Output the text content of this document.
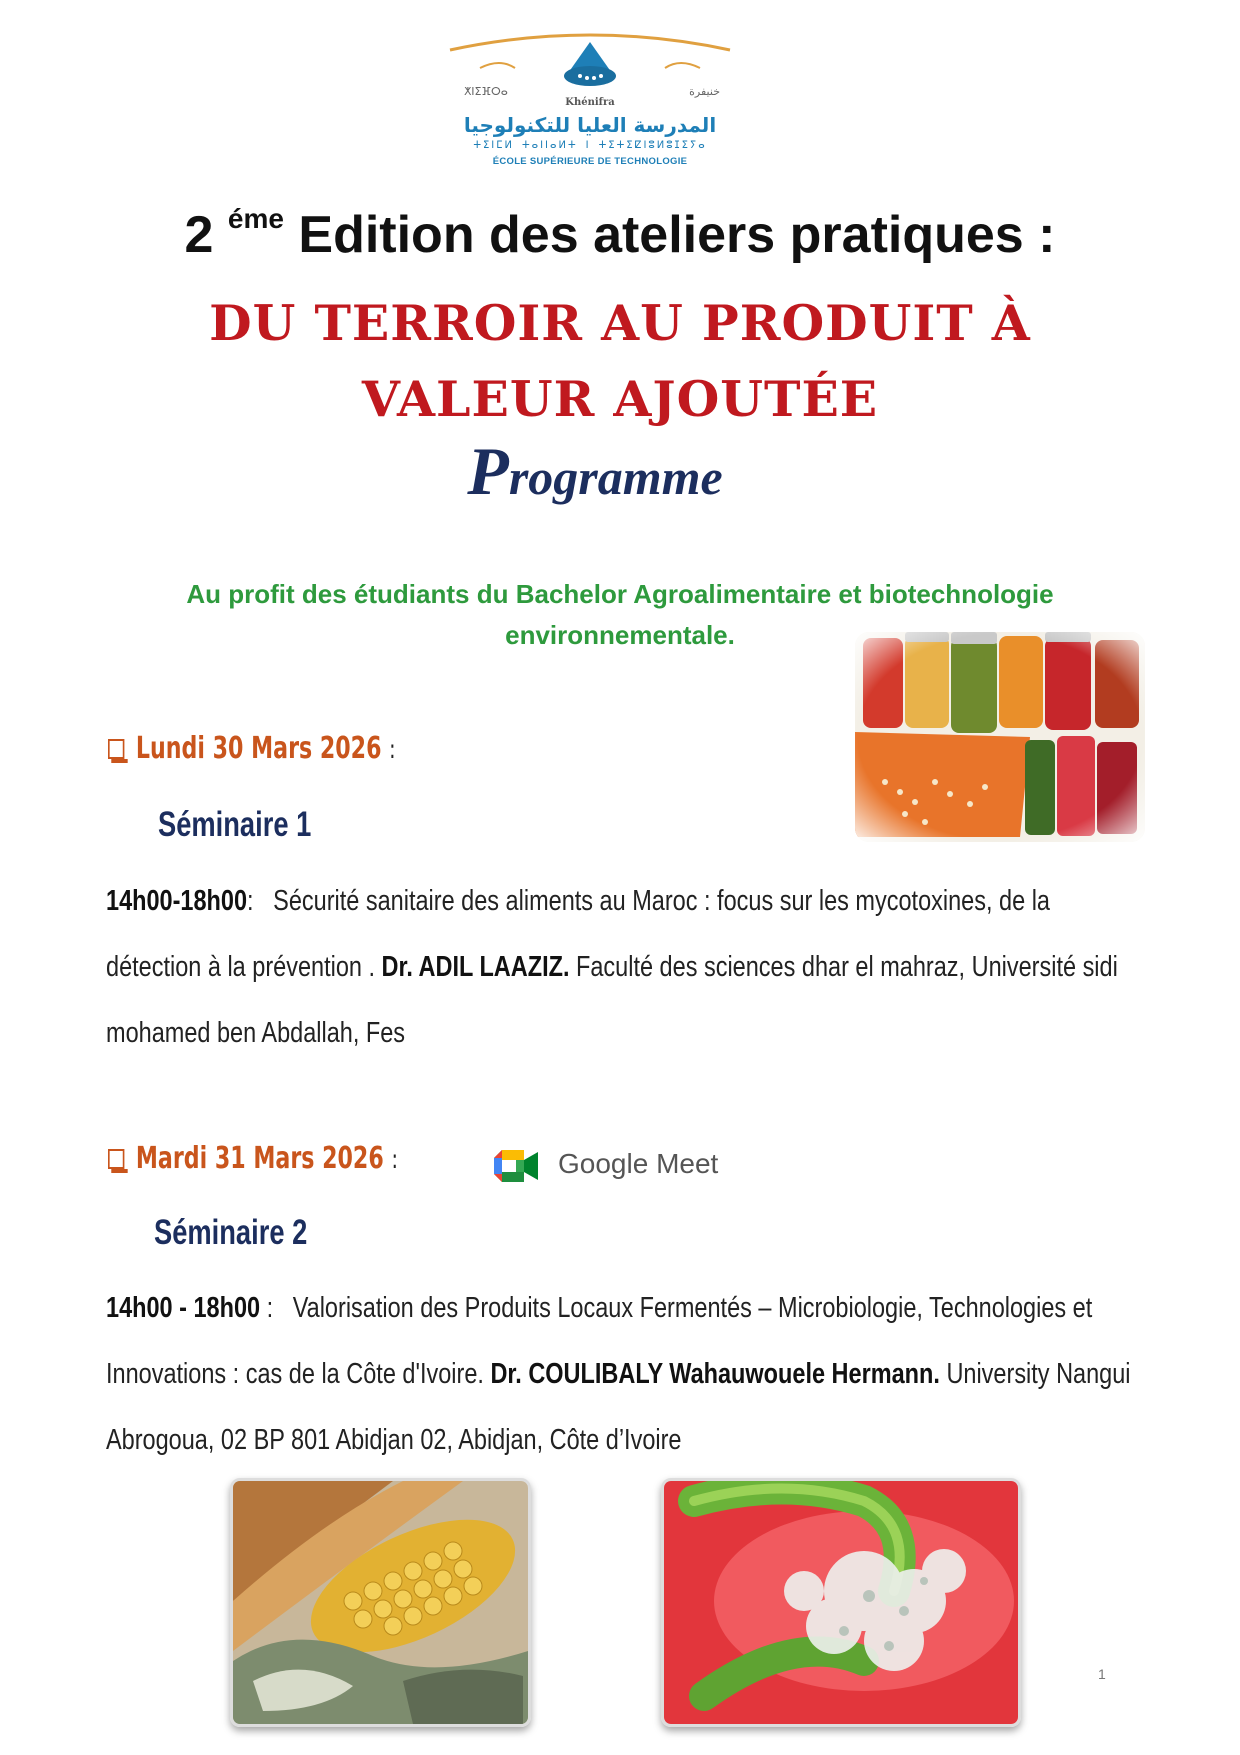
ⵅⵏⵉⴼⵔⴰ
Khénifra
خنيفرة
المدرسة العليا للتكنولوجيا
ⵜⵉⵏⵎⵍ ⵜⴰⵏⵏⴰⵍⵜ ⵏ ⵜⵉⵜⵉⵇⵏⵓⵍⵓⵊⵉⵢⴰ
ÉCOLE SUPÉRIEURE DE TECHNOLOGIE
2 $^{éme}$ Edition des ateliers pratiques :
DU TERROIR AU PRODUIT À VALEUR AJOUTÉE
Programme
Au profit des étudiants du Bachelor Agroalimentaire et biotechnologie environnementale.
Lundi 30 Mars 2026 :
Séminaire 1
14h00-18h00: Sécurité sanitaire des aliments au Maroc : focus sur les mycotoxines, de la détection à la prévention . Dr. ADIL LAAZIZ. Faculté des sciences dhar el mahraz, Université sidi mohamed ben Abdallah, Fes
Mardi 31 Mars 2026 :	Google Meet
Séminaire 2
14h00 - 18h00 : Valorisation des Produits Locaux Fermentés – Microbiologie, Technologies et Innovations : cas de la Côte d'Ivoire. Dr. COULIBALY Wahauwouele Hermann. University Nangui Abrogoua, 02 BP 801 Abidjan 02, Abidjan, Côte d’Ivoire
1
